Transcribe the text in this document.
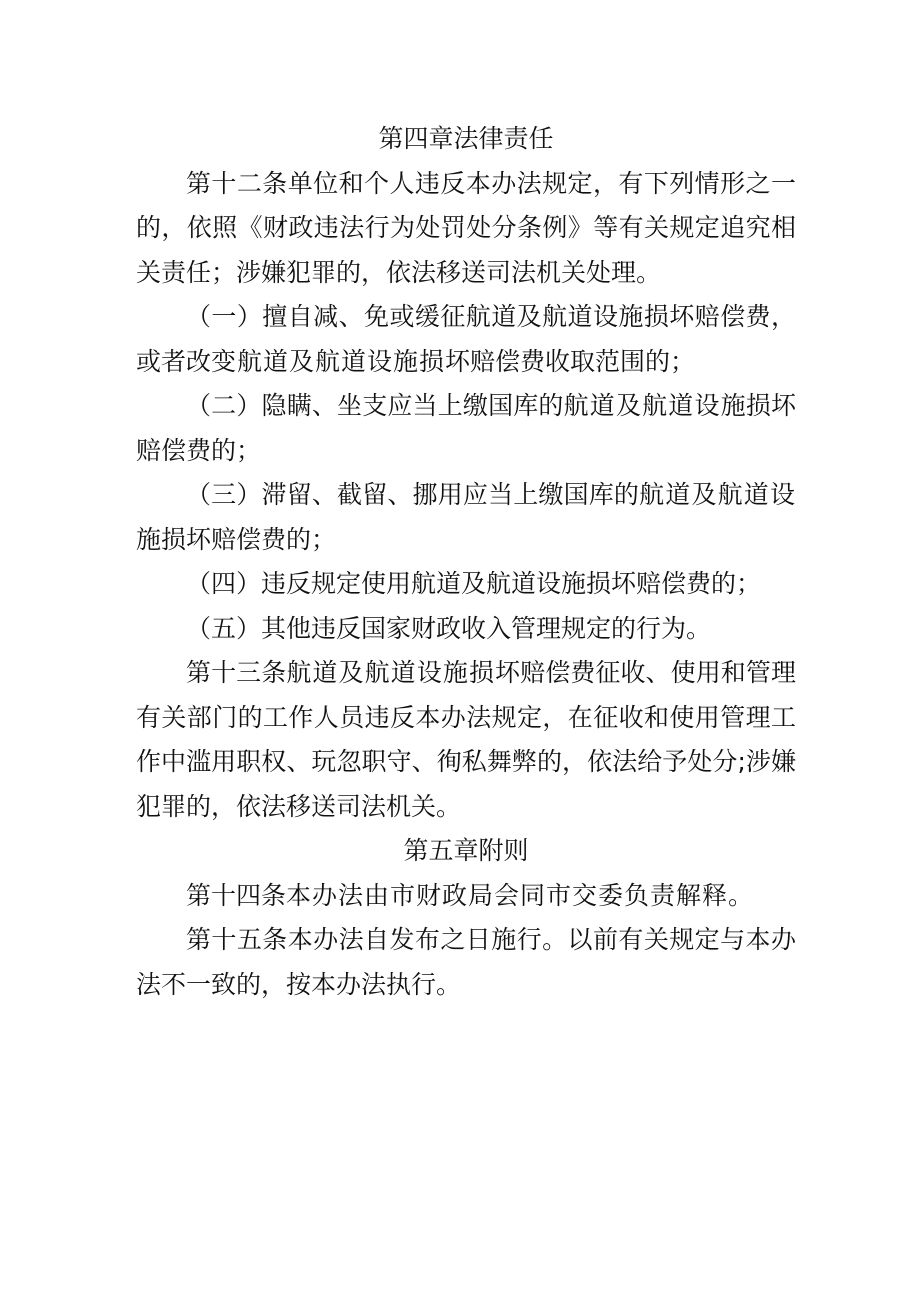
第四章法律责任

第十二条单位和个人违反本办法规定，有下列情形之一的，依照《财政违法行为处罚处分条例》等有关规定追究相关责任；涉嫌犯罪的，依法移送司法机关处理。

（一）擅自减、免或缓征航道及航道设施损坏赔偿费，或者改变航道及航道设施损坏赔偿费收取范围的；

（二）隐瞒、坐支应当上缴国库的航道及航道设施损坏赔偿费的；

（三）滞留、截留、挪用应当上缴国库的航道及航道设施损坏赔偿费的；

（四）违反规定使用航道及航道设施损坏赔偿费的；

（五）其他违反国家财政收入管理规定的行为。

第十三条航道及航道设施损坏赔偿费征收、使用和管理有关部门的工作人员违反本办法规定，在征收和使用管理工作中滥用职权、玩忽职守、徇私舞弊的，依法给予处分;涉嫌犯罪的，依法移送司法机关。

第五章附则

第十四条本办法由市财政局会同市交委负责解释。

第十五条本办法自发布之日施行。以前有关规定与本办法不一致的，按本办法执行。
